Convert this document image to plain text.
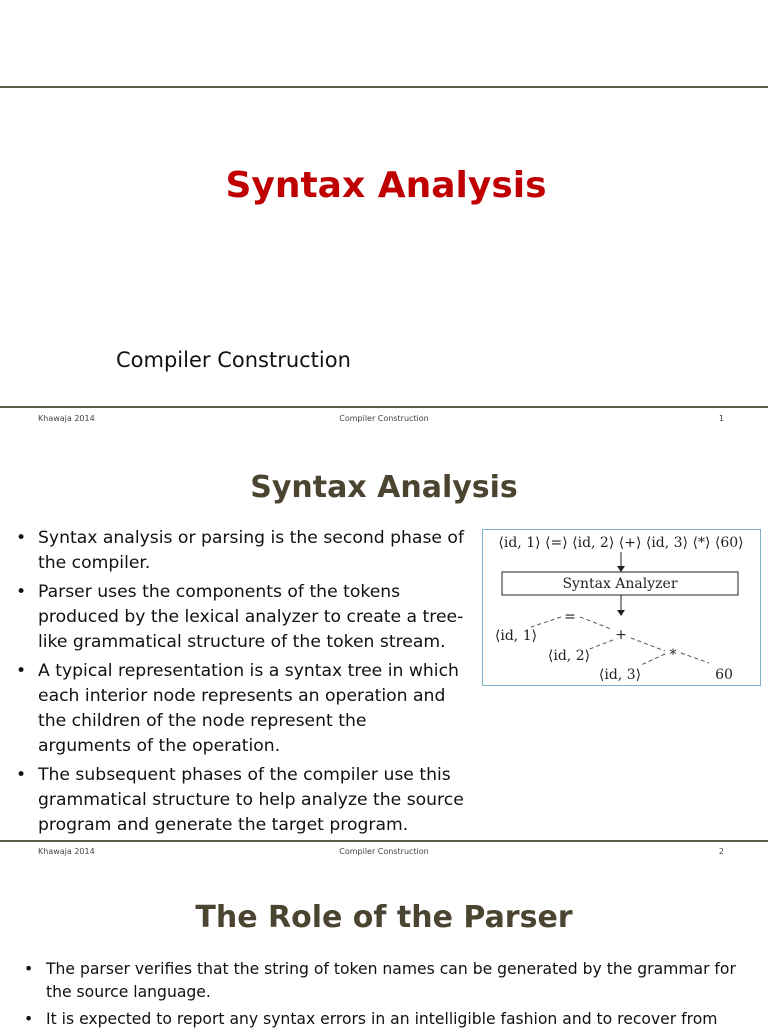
Syntax Analysis
Compiler Construction
Khawaja 2014	Compiler Construction	1
Syntax Analysis
• Syntax analysis or parsing is the second phase of the compiler.
• Parser uses the components of the tokens produced by the lexical analyzer to create a tree-like grammatical structure of the token stream.
• A typical representation is a syntax tree in which each interior node represents an operation and the children of the node represent the arguments of the operation.
• The subsequent phases of the compiler use this grammatical structure to help analyze the source program and generate the target program.
⟨id, 1⟩ ⟨=⟩ ⟨id, 2⟩ ⟨+⟩ ⟨id, 3⟩ ⟨*⟩ ⟨60⟩
Syntax Analyzer
=
⟨id, 1⟩	+
⟨id, 2⟩	*
⟨id, 3⟩	60
Khawaja 2014	Compiler Construction	2
The Role of the Parser
• The parser verifies that the string of token names can be generated by the grammar for the source language.
• It is expected to report any syntax errors in an intelligible fashion and to recover from
